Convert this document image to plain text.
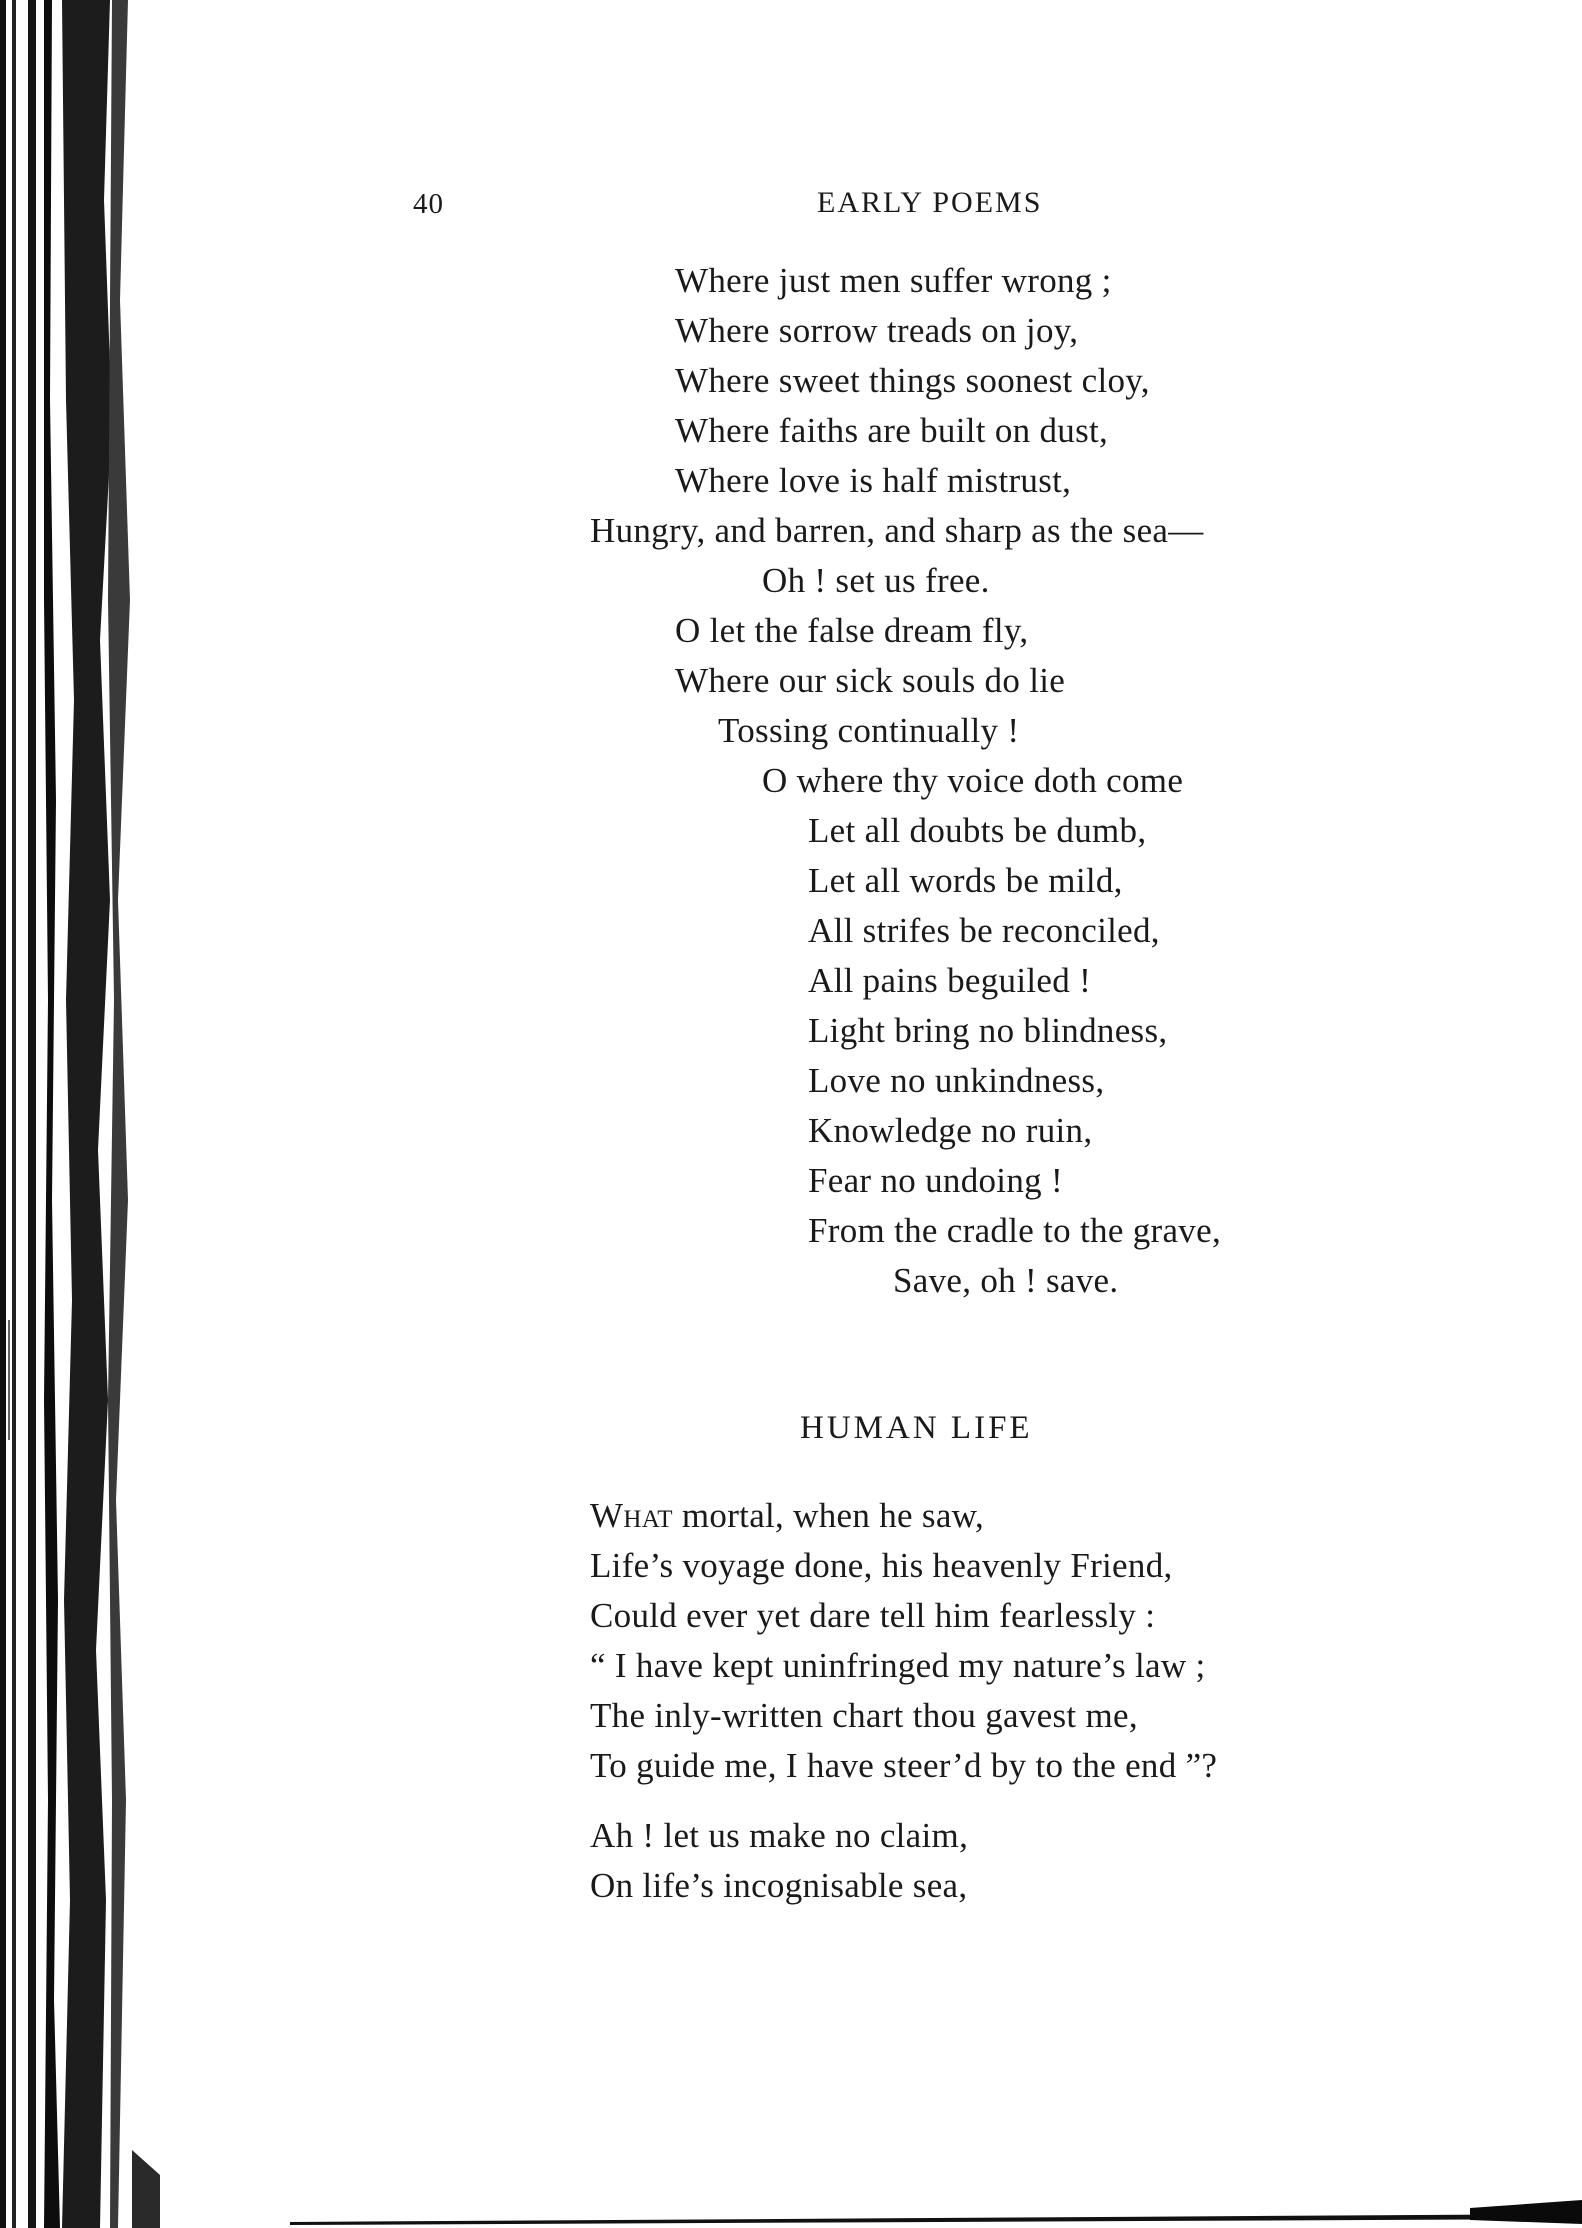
40	EARLY POEMS
Where just men suffer wrong ;
Where sorrow treads on joy,
Where sweet things soonest cloy,
Where faiths are built on dust,
Where love is half mistrust,
Hungry, and barren, and sharp as the sea—
Oh ! set us free.
O let the false dream fly,
Where our sick souls do lie
Tossing continually !
O where thy voice doth come
Let all doubts be dumb,
Let all words be mild,
All strifes be reconciled,
All pains beguiled !
Light bring no blindness,
Love no unkindness,
Knowledge no ruin,
Fear no undoing !
From the cradle to the grave,
Save, oh ! save.
HUMAN LIFE
What mortal, when he saw,
Life’s voyage done, his heavenly Friend,
Could ever yet dare tell him fearlessly :
“ I have kept uninfringed my nature’s law ;
The inly-written chart thou gavest me,
To guide me, I have steer’d by to the end ”?
Ah ! let us make no claim,
On life’s incognisable sea,
